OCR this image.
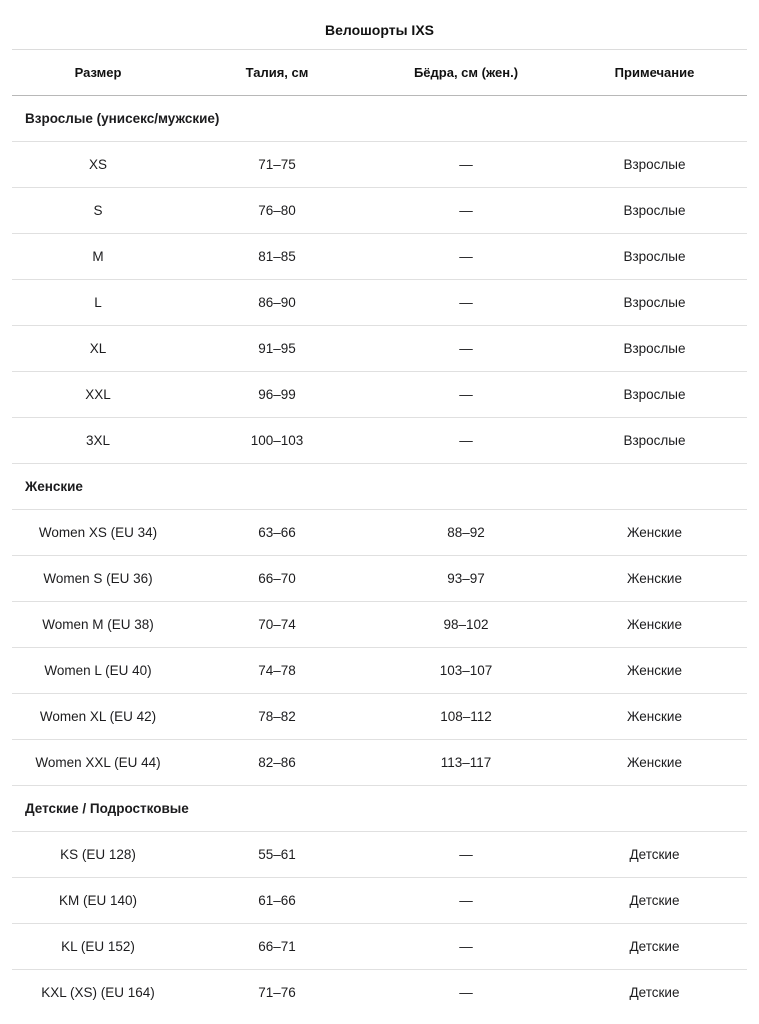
Велошорты IXS
Размер	Талия, см	Бёдра, см (жен.)	Примечание
Взрослые (унисекс/мужские)			
XS	71–75	—	Взрослые
S	76–80	—	Взрослые
M	81–85	—	Взрослые
L	86–90	—	Взрослые
XL	91–95	—	Взрослые
XXL	96–99	—	Взрослые
3XL	100–103	—	Взрослые
Женские			
Women XS (EU 34)	63–66	88–92	Женские
Women S (EU 36)	66–70	93–97	Женские
Women M (EU 38)	70–74	98–102	Женские
Women L (EU 40)	74–78	103–107	Женские
Women XL (EU 42)	78–82	108–112	Женские
Women XXL (EU 44)	82–86	113–117	Женские
Детские / Подростковые			
KS (EU 128)	55–61	—	Детские
KM (EU 140)	61–66	—	Детские
KL (EU 152)	66–71	—	Детские
KXL (XS) (EU 164)	71–76	—	Детские
